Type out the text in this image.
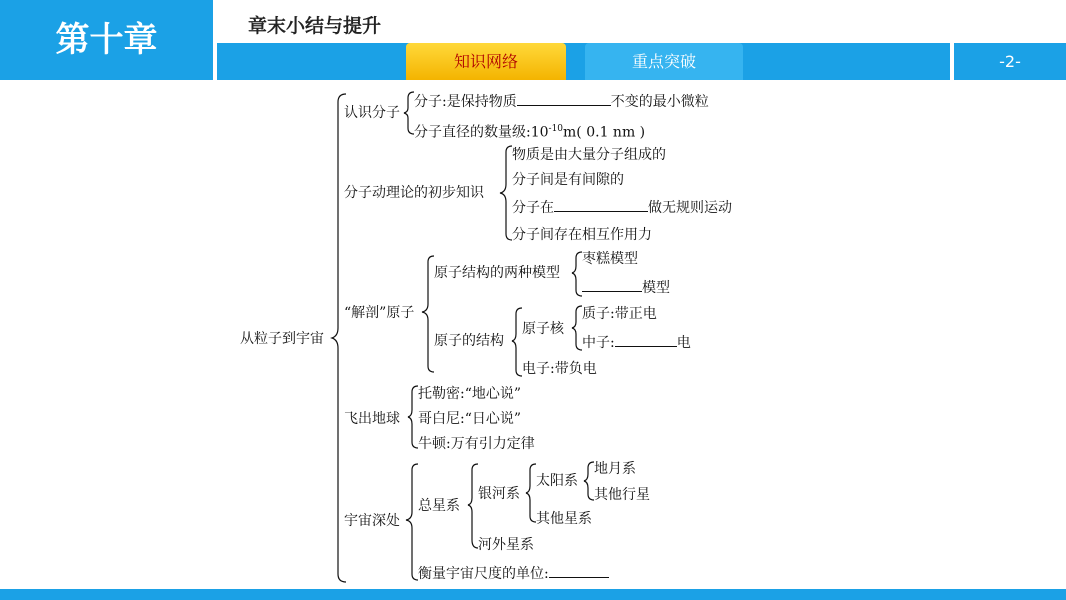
第十章	章末小结与提升
知识网络	重点突破	-2-
从粒子到宇宙
认识分子
分子:是保持物质	不变的最小微粒
分子直径的数量级$:10^{-10}m$( 0.1 nm )
分子动理论的初步知识
物质是由大量分子组成的
分子间是有间隙的
分子在	做无规则运动
分子间存在相互作用力
“解剖”原子
原子结构的两种模型
枣糕模型
模型
原子的结构
原子核
质子:带正电
中子:	电
电子:带负电
飞出地球
托勒密:“地心说”
哥白尼:“日心说”
牛顿:万有引力定律
宇宙深处
总星系
银河系
太阳系
地月系
其他行星
其他星系
河外星系
衡量宇宙尺度的单位:
